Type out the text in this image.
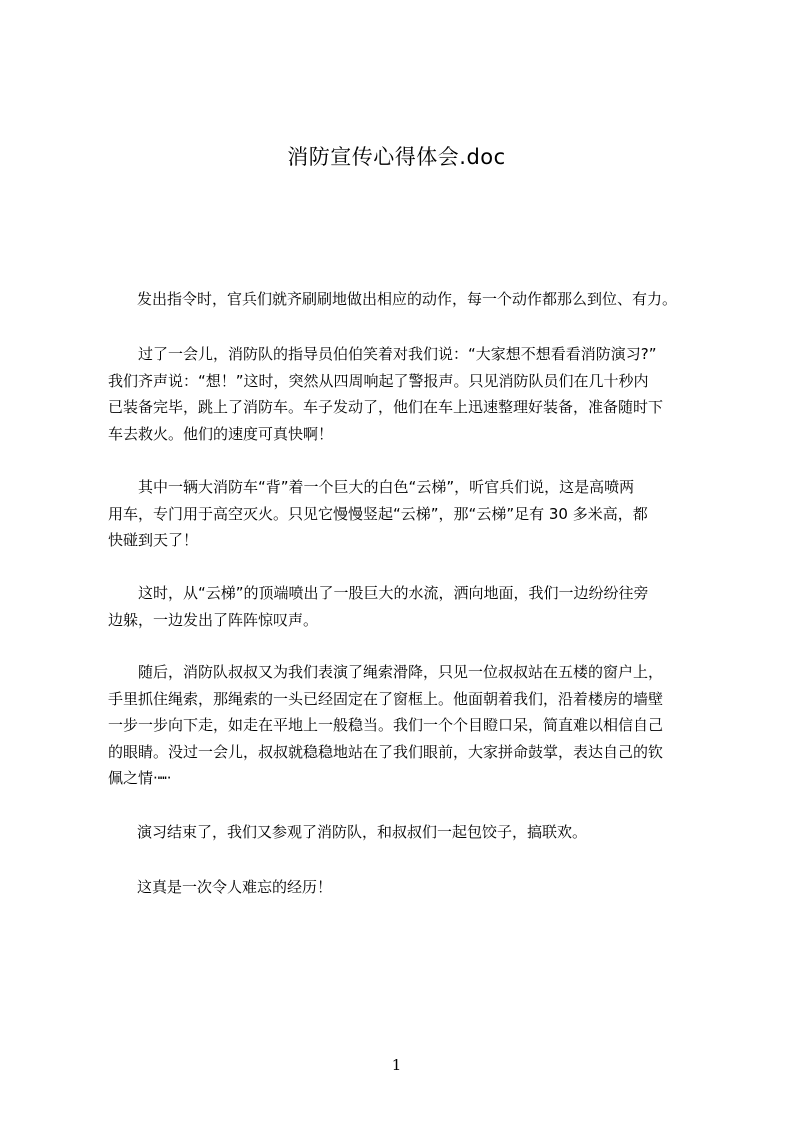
消防宣传心得体会.doc

发出指令时，官兵们就齐刷刷地做出相应的动作，每一个动作都那么到位、有力。

过了一会儿，消防队的指导员伯伯笑着对我们说：“大家想不想看看消防演习?”
我们齐声说：“想！”这时，突然从四周响起了警报声。只见消防队员们在几十秒内
已装备完毕，跳上了消防车。车子发动了，他们在车上迅速整理好装备，准备随时下
车去救火。他们的速度可真快啊！

其中一辆大消防车“背”着一个巨大的白色“云梯”，听官兵们说，这是高喷两
用车，专门用于高空灭火。只见它慢慢竖起“云梯”，那“云梯”足有 30 多米高，都
快碰到天了！

这时，从“云梯”的顶端喷出了一股巨大的水流，洒向地面，我们一边纷纷往旁
边躲，一边发出了阵阵惊叹声。

随后，消防队叔叔又为我们表演了绳索滑降，只见一位叔叔站在五楼的窗户上，
手里抓住绳索，那绳索的一头已经固定在了窗框上。他面朝着我们，沿着楼房的墙壁
一步一步向下走，如走在平地上一般稳当。我们一个个目瞪口呆，简直难以相信自己
的眼睛。没过一会儿，叔叔就稳稳地站在了我们眼前，大家拼命鼓掌，表达自己的钦
佩之情·┉·

演习结束了，我们又参观了消防队，和叔叔们一起包饺子，搞联欢。

这真是一次令人难忘的经历！

1
